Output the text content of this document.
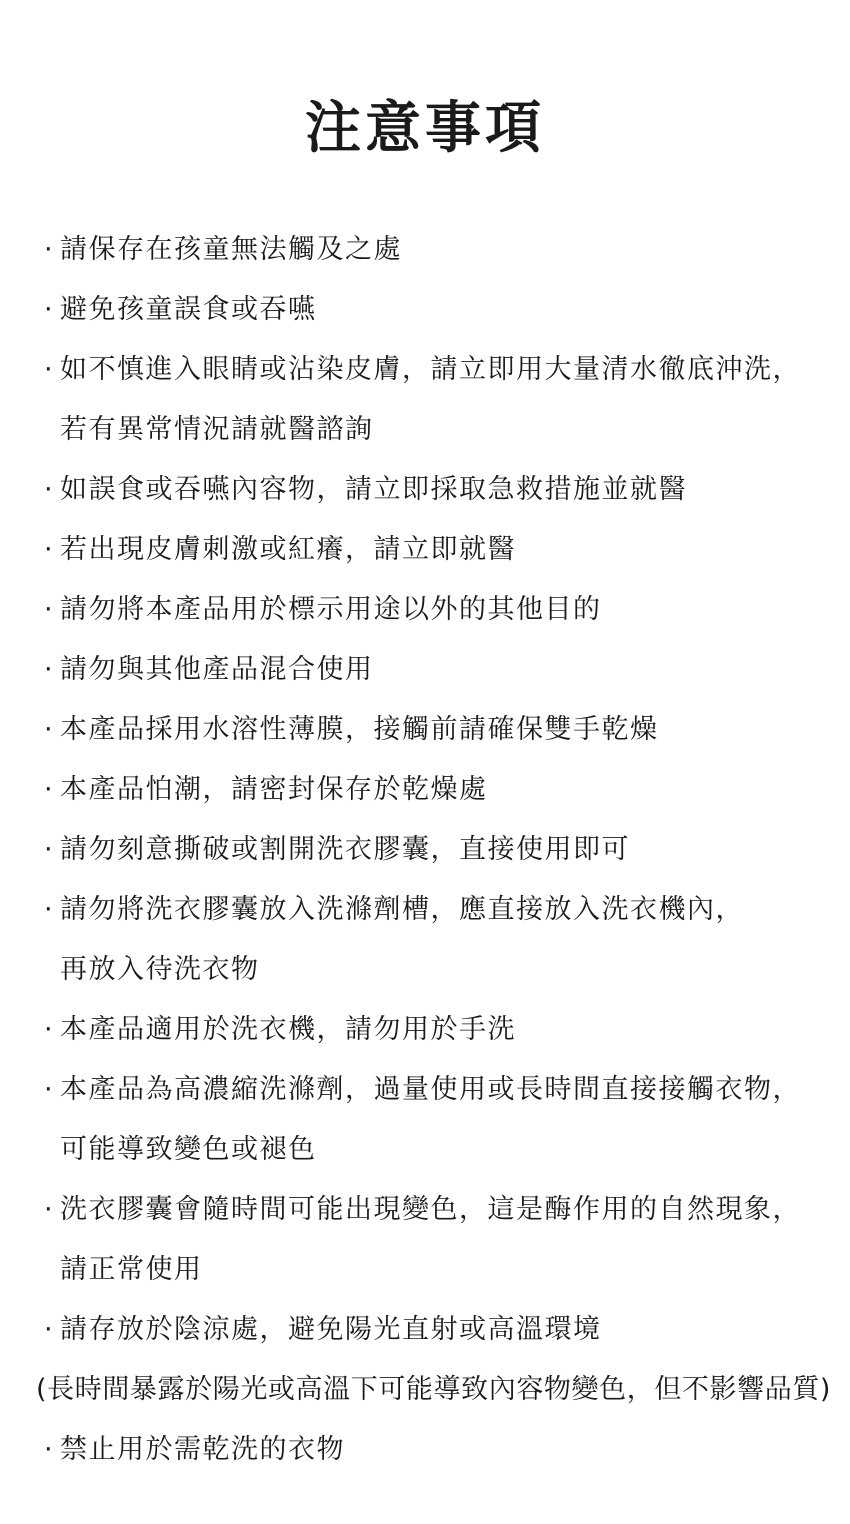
注意事項
· 請保存在孩童無法觸及之處
· 避免孩童誤食或吞嚥
· 如不慎進入眼睛或沾染皮膚，請立即用大量清水徹底沖洗，
若有異常情況請就醫諮詢
· 如誤食或吞嚥內容物，請立即採取急救措施並就醫
· 若出現皮膚刺激或紅癢，請立即就醫
· 請勿將本產品用於標示用途以外的其他目的
· 請勿與其他產品混合使用
· 本產品採用水溶性薄膜，接觸前請確保雙手乾燥
· 本產品怕潮，請密封保存於乾燥處
· 請勿刻意撕破或割開洗衣膠囊，直接使用即可
· 請勿將洗衣膠囊放入洗滌劑槽，應直接放入洗衣機內，
再放入待洗衣物
· 本產品適用於洗衣機，請勿用於手洗
· 本產品為高濃縮洗滌劑，過量使用或長時間直接接觸衣物，
可能導致變色或褪色
· 洗衣膠囊會隨時間可能出現變色，這是酶作用的自然現象，
請正常使用
· 請存放於陰涼處，避免陽光直射或高溫環境
(長時間暴露於陽光或高溫下可能導致內容物變色，但不影響品質)
· 禁止用於需乾洗的衣物
